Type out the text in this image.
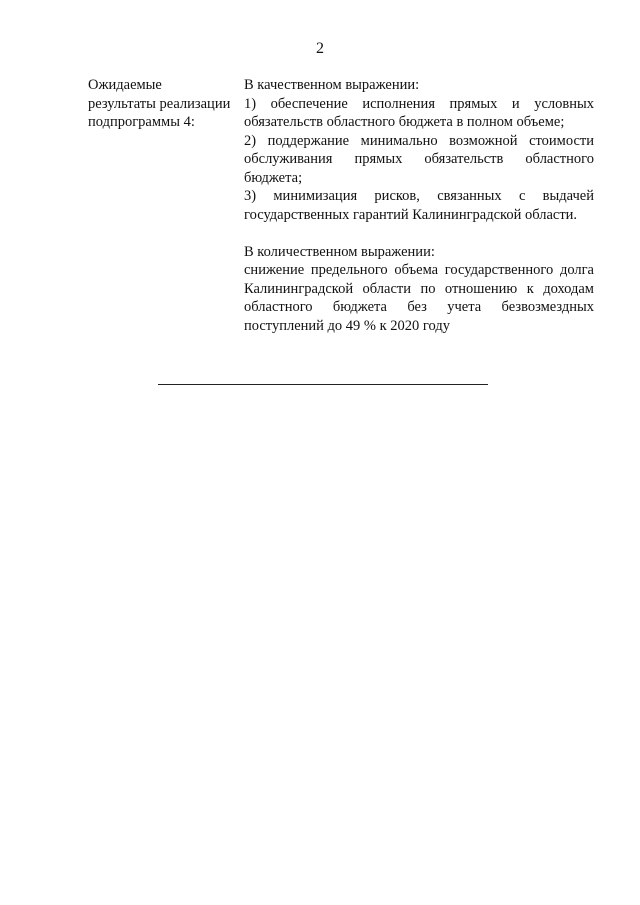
2
Ожидаемые
результаты реализации
подпрограммы 4:

В качественном выражении:

1) обеспечение исполнения прямых и условных обязательств областного бюджета в полном объеме;

2) поддержание минимально возможной стоимости обслуживания прямых обязательств областного бюджета;

3) минимизация рисков, связанных с выдачей государственных гарантий Калининградской области.

В количественном выражении:

снижение предельного объема государственного долга Калининградской области по отношению к доходам областного бюджета без учета безвозмездных поступлений до 49 % к 2020 году
